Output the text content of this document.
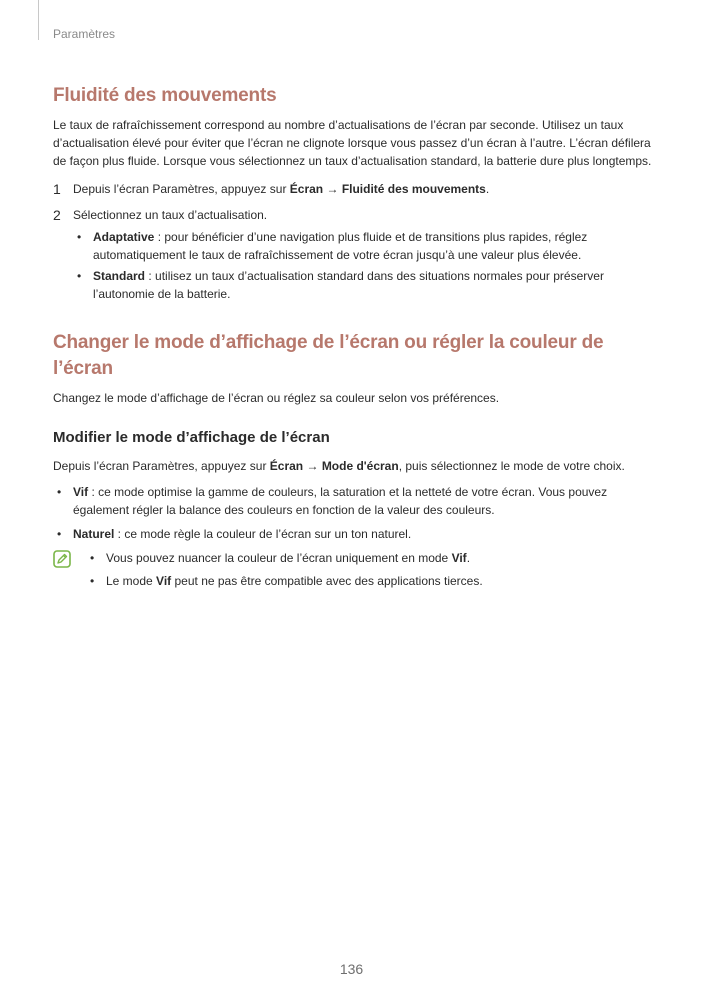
Paramètres
Fluidité des mouvements

Le taux de rafraîchissement correspond au nombre d’actualisations de l’écran par seconde. Utilisez un taux d’actualisation élevé pour éviter que l’écran ne clignote lorsque vous passez d’un écran à l’autre. L’écran défilera de façon plus fluide. Lorsque vous sélectionnez un taux d’actualisation standard, la batterie dure plus longtemps.

1	Depuis l’écran Paramètres, appuyez sur Écran → Fluidité des mouvements.
2	Sélectionnez un taux d’actualisation.
• Adaptative : pour bénéficier d’une navigation plus fluide et de transitions plus rapides, réglez automatiquement le taux de rafraîchissement de votre écran jusqu’à une valeur plus élevée.
• Standard : utilisez un taux d’actualisation standard dans des situations normales pour préserver l’autonomie de la batterie.
Changer le mode d’affichage de l’écran ou régler la couleur de l’écran

Changez le mode d’affichage de l’écran ou réglez sa couleur selon vos préférences.

Modifier le mode d’affichage de l’écran

Depuis l’écran Paramètres, appuyez sur Écran → Mode d'écran, puis sélectionnez le mode de votre choix.

• Vif : ce mode optimise la gamme de couleurs, la saturation et la netteté de votre écran. Vous pouvez également régler la balance des couleurs en fonction de la valeur des couleurs.
• Naturel : ce mode règle la couleur de l’écran sur un ton naturel.
• Vous pouvez nuancer la couleur de l’écran uniquement en mode Vif.
• Le mode Vif peut ne pas être compatible avec des applications tierces.
136
